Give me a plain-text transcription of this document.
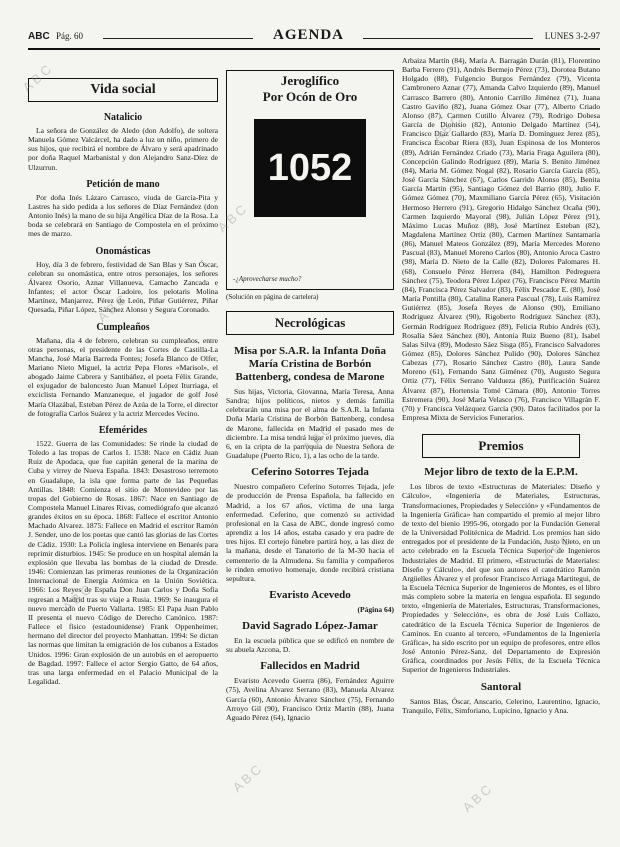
ABC Pág. 60	AGENDA	LUNES 3-2-97
Vida social
Natalicio

La señora de González de Aledo (don Adolfo), de soltera Manuela Gómez Valcárcel, ha dado a luz un niño, primero de sus hijos, que recibirá el nombre de Álvaro y será apadrinado por doña Raquel Marbanistal y don Alejandro Sanz-Díez de Ulzurrun.

Petición de mano

Por doña Inés Lázaro Carrasco, viuda de García-Pita y Lastres ha sido pedida a los señores de Díaz Fernández (don Antonio Inés) la mano de su hija Angélica Díaz de la Rosa. La boda se celebrará en Santiago de Compostela en el próximo mes de marzo.

Onomásticas

Hoy, día 3 de febrero, festividad de San Blas y San Óscar, celebran su onomástica, entre otros personajes, los señores Álvarez Osorio, Aznar Villanueva, Camacho Zancada e Infantes; el actor Óscar Ladoire, los pelotaris Molina Martínez, Manjarrez, Pérez de León, Piñar Gutiérrez, Piñar Quesada, Piñar López, Sánchez Alonso y Segura Coronado.

Cumpleaños

Mañana, día 4 de febrero, celebran su cumpleaños, entre otras personas, el presidente de las Cortes de Castilla-La Mancha, José María Barreda Fontes; Josefa Blanco de Olfer, Mariano Nieto Miguel, la actriz Pepa Flores «Marisol», el abogado Jaime Cabrera y Santibáñez, el poeta Félix Grande, el exjugador de baloncesto Juan Manuel López Iturriaga, el exciclista Fernando Manzaneque, el jugador de golf José María Olazábal, Esteban Pérez de Azúa de la Torre, el director de fotografía Carlos Suárez y la actriz Mercedes Vecino.

Efemérides

1522. Guerra de las Comunidades: Se rinde la ciudad de Toledo a las tropas de Carlos I. 1538: Nace en Cádiz Juan Ruiz de Apodaca, que fue capitán general de la marina de Cuba y virrey de Nueva España. 1843: Desastroso terremoto en Guadalupe, la isla que forma parte de las Pequeñas Antillas. 1848: Comienza el sitio de Montevideo por las tropas del Gobierno de Rosas. 1867: Nace en Santiago de Compostela Manuel Linares Rivas, comediógrafo que alcanzó grandes éxitos en su época. 1868: Fallece el escritor Antonio Machado Alvarez. 1875: Fallece en Madrid el escritor Ramón J. Sender, uno de los poetas que cantó las glorias de las Cortes de Cádiz. 1930: La Policía inglesa interviene en Benarés para reprimir disturbios. 1945: Se produce en un hospital alemán la explosión que llevaba las bombas de la ciudad de Dresde. 1946: Comienzan las primeras reuniones de la Organización Internacional de Energía Atómica en la Unión Soviética. 1966: Los Reyes de España Don Juan Carlos y Doña Sofía regresan a Madrid tras su viaje a Rusia. 1969: Se inaugura el nuevo mercado de Puerto Vallarta. 1985: El Papa Juan Pablo II presenta el nuevo Código de Derecho Canónico. 1987: Fallece el físico (estadounidense) Frank Oppenheimer, hermano del director del proyecto Manhattan. 1994: Se dictan las normas que limitan la emigración de los cubanos a Estados Unidos. 1996: Gran explosión de un autobús en el aeropuerto de Bagdad. 1997: Fallece el actor Sergio Gatto, de 64 años, tras una larga enfermedad en el Palacio Municipal de la Legalidad.

Jeroglífico
Por Ocón de Oro
1052
-¿Aprovecharse mucho?
(Solución en página de cartelera)
Necrológicas
Misa por S.A.R. la Infanta Doña María Cristina de Borbón Battenberg, condesa de Marone

Sus hijas, Victoria, Giovanna, María Teresa, Anna Sandra; hijos políticos, nietos y demás familia celebrarán una misa por el alma de S.A.R. la Infanta Doña María Cristina de Borbón Battenberg, condesa de Marone, fallecida en Madrid el pasado mes de diciembre. La misa tendrá lugar el próximo jueves, día 6, en la cripta de la parroquia de Nuestra Señora de Guadalupe (Puerto Rico, 1), a las ocho de la tarde.

Ceferino Sotorres Tejada

Nuestro compañero Ceferino Sotorres Tejada, jefe de producción de Prensa Española, ha fallecido en Madrid, a los 67 años, víctima de una larga enfermedad. Ceferino, que comenzó su actividad profesional en la Casa de ABC, donde ingresó como aprendiz a los 14 años, estaba casado y era padre de tres hijos. El cortejo fúnebre partirá hoy, a las diez de la mañana, desde el Tanatorio de la M-30 hacia el cementerio de la Almudena. Su familia y compañeros le rinden emotivo homenaje, donde recibirá cristiana sepultura.

Evaristo Acevedo
(Página 64)
David Sagrado López-Jamar

En la escuela pública que se edificó en nombre de su abuela Azcona, D.

Fallecidos en Madrid

Evaristo Acevedo Guerra (86), Fernández Aguirre (75), Avelina Alvarez Serrano (83), Manuela Alvarez García (60), Antonio Álvarez Sánchez (75), Fernando Arroyo Gil (90), Francisco Ortiz Martín (88), Juana Aguado Pérez (64), Ignacio

Arbaiza Martín (84), María A. Barragán Durán (81), Florentino Barba Ferrero (91), Andrés Bermejo Pérez (73), Dorotea Butano Holgado (88), Fulgencio Burgos Fernández (79), Vicenta Cambronero Aznar (77), Amanda Calvo Izquierdo (89), Manuel Carrasco Barrero (80), Antonio Carrillo Jiménez (71), Juana Castro Gaviño (82), Juana Gómez Osar (77), Alberto Criado Alonso (87), Carmen Cutillo Álvarez (79), Rodrigo Dobesa García de Dionisio (82), Antonio Delgado Martínez (54), Francisco Díaz Gallardo (83), María D. Domínguez Jerez (85), Francisca Escobar Riera (83), Juan Espinosa de los Monteros (89), Adrián Fernández Criado (73), Maria Fraga Aguilera (80), Concepción Galindo Rodríguez (89), Maria S. Benito Jiménez (84), Maria M. Gómez Nogal (82), Rosario García García (85), José García Sánchez (67), Carlos Garrido Alonso (85), Benita García Martín (95), Santiago Gómez del Barrio (80), Julio F. Gómez Gómez (70), Maxmiliano García Pérez (65), Visitación Hermoso Herrero (91), Gregorio Hidalgo Sánchez Ocaña (90), Carmen Izquierdo Mayoral (98), Julián López Pérez (91), Máximo Lucas Muñoz (88), José Martínez Esteban (82), Magdalena Martínez Ortiz (80), Carmen Martínez Santamaría (86), Manuel Mateos González (89), María Mercedes Moreno Pascual (83), Manuel Moreno Carlos (80), Antonio Aroca Castro (98), María D. Nieto de la Calle (82), Dolores Palomares H. (68), Consuelo Pérez Herrera (84), Hamilton Pedreguera Sánchez (75), Teodora Pérez López (76), Francisco Pérez Martín (84), Francisca Pérez Salvador (83), Félix Pescador E. (80), José María Pontilla (80), Catalina Ranera Pascual (78), Luis Ramírez Gutiérrez (85), Josefa Reyes de Alonso (90), Emiliano Rodríguez Álvarez (90), Rigoberto Rodríguez Sánchez (83), Germán Rodríguez Rodríguez (89), Felicia Rubio Andrés (63), Rosalía Sáez Sánchez (80), Antonia Ruiz Bueno (81), Isabel Salas Silva (89), Modesto Sáez Sisga (85), Francisco Salvadores Gómez (85), Dolores Sánchez Pulido (90), Dolores Sánchez Cabezas (77), Rosario Sánchez Castro (80), Laura Sande Moreno (61), Fernando Sanz Giménez (70), Augusto Segura Ortiz (77), Félix Serrano Valdueza (86), Purificación Suárez Álvarez (87), Hortensia Tomé Cámara (80), Antonio Torres Estremera (90), José María Velasco (76), Francisco Villagrán F. (70) y Francisca Velázquez García (90). Datos facilitados por la Empresa Mixta de Servicios Funerarios.

Premios
Mejor libro de texto de la E.P.M.

Los libros de texto «Estructuras de Materiales: Diseño y Cálculo», «Ingeniería de Materiales, Estructuras, Transformaciones, Propiedades y Selección» y «Fundamentos de la Ingeniería Gráfica» han compartido el premio al mejor libro de texto del bienio 1995-96, otorgado por la Fundación General de la Universidad Politécnica de Madrid. Los premios han sido entregados por el presidente de la Fundación, Justo Nieto, en un acto celebrado en la Escuela Técnica Superior de Ingenieros Industriales de Madrid. El primero, «Estructuras de Materiales: Diseño y Cálculo», del que son autores el catedrático Ramón Argüelles Álvarez y el profesor Francisco Arriaga Martitegui, de la Escuela Técnica Superior de Ingenieros de Montes, es el libro más completo sobre la materia en lengua española. El segundo texto, «Ingeniería de Materiales, Estructuras, Transformaciones, Propiedades y Selección», es obra de José Luis Collazo, catedrático de la Escuela Técnica Superior de Ingenieros de Caminos. En cuanto al tercero, «Fundamentos de la Ingeniería Gráfica», ha sido escrito por un equipo de profesores, entre ellos José Antonio Pérez-Sanz, del Departamento de Expresión Gráfica, coordinados por Jesús Félix, de la Escuela Técnica Superior de Ingenieros Industriales.

Santoral

Santos Blas, Óscar, Anscario, Celerino, Laurentino, Ignacio, Tranquilo, Félix, Simforiano, Lupicino, Ignacio y Ana.

ABC
ABC
ABC
ABC
ABC
ABC
ABC
ABC
ABC
